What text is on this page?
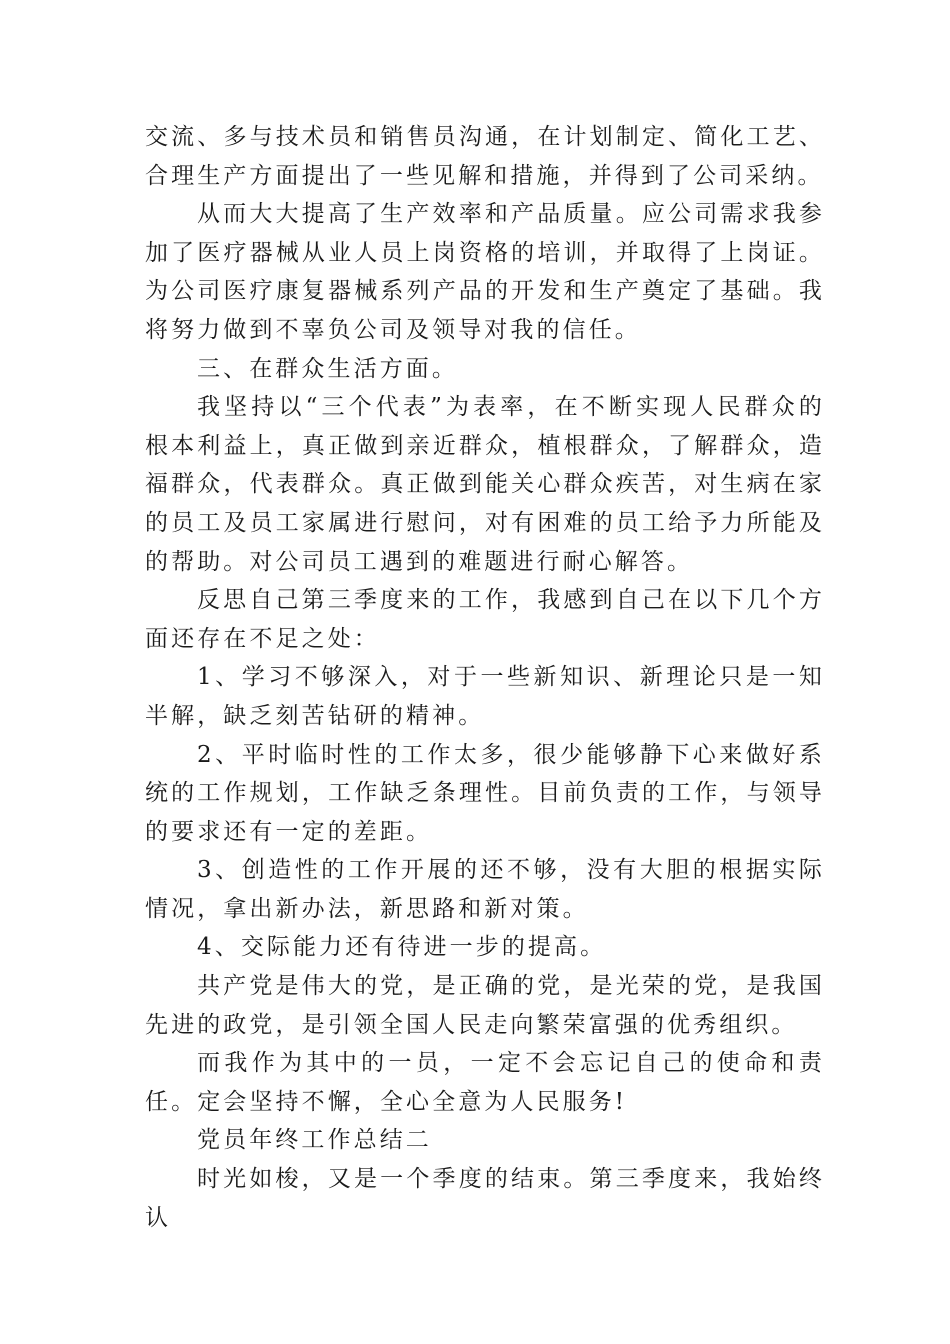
交流、多与技术员和销售员沟通，在计划制定、简化工艺、合理生产方面提出了一些见解和措施，并得到了公司采纳。

从而大大提高了生产效率和产品质量。应公司需求我参加了医疗器械从业人员上岗资格的培训，并取得了上岗证。为公司医疗康复器械系列产品的开发和生产奠定了基础。我将努力做到不辜负公司及领导对我的信任。

三、在群众生活方面。

我坚持以“三个代表”为表率，在不断实现人民群众的根本利益上，真正做到亲近群众，植根群众，了解群众，造福群众，代表群众。真正做到能关心群众疾苦，对生病在家的员工及员工家属进行慰问，对有困难的员工给予力所能及的帮助。对公司员工遇到的难题进行耐心解答。

反思自己第三季度来的工作，我感到自己在以下几个方面还存在不足之处：

1、学习不够深入，对于一些新知识、新理论只是一知半解，缺乏刻苦钻研的精神。

2、平时临时性的工作太多，很少能够静下心来做好系统的工作规划，工作缺乏条理性。目前负责的工作，与领导的要求还有一定的差距。

3、创造性的工作开展的还不够，没有大胆的根据实际情况，拿出新办法，新思路和新对策。

4、交际能力还有待进一步的提高。

共产党是伟大的党，是正确的党，是光荣的党，是我国先进的政党，是引领全国人民走向繁荣富强的优秀组织。

而我作为其中的一员，一定不会忘记自己的使命和责任。定会坚持不懈，全心全意为人民服务!

党员年终工作总结二

时光如梭，又是一个季度的结束。第三季度来，我始终认
